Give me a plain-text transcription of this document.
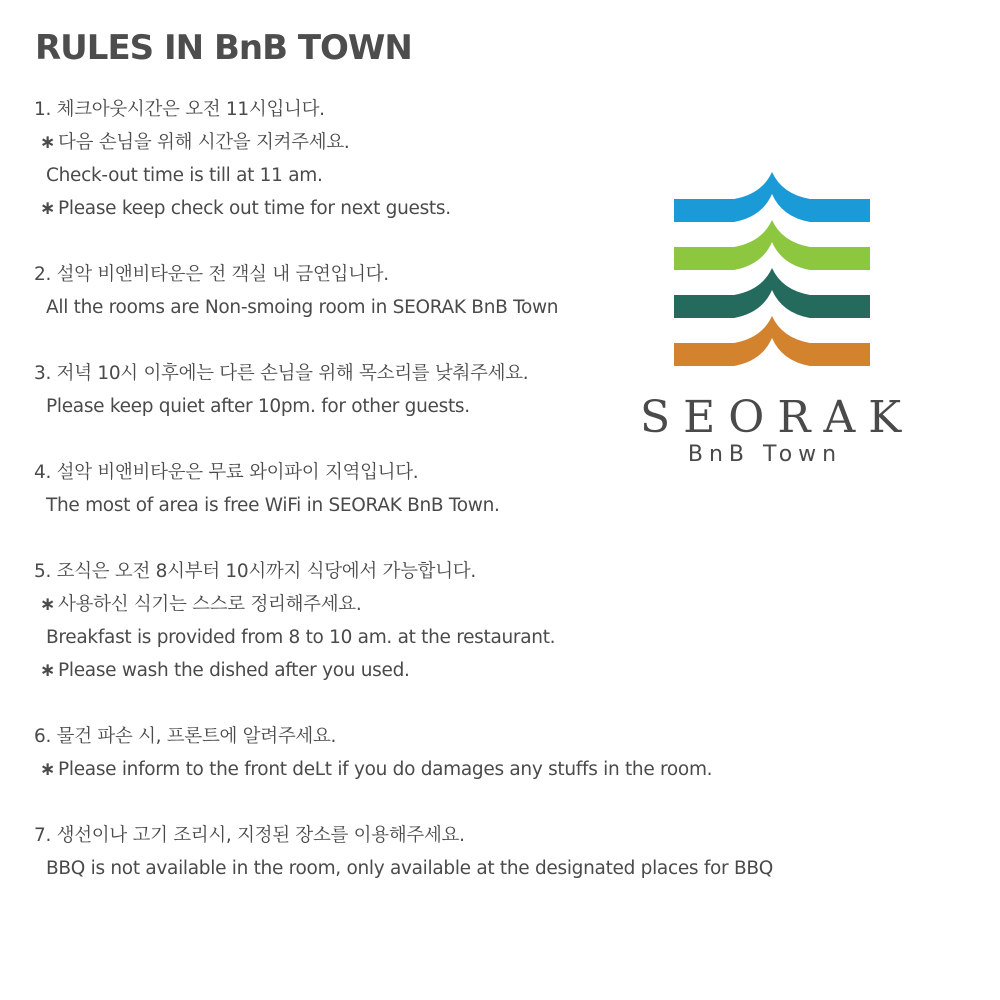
RULES IN BnB TOWN
1. 체크아웃시간은 오전 11시입니다.
∗ 다음 손님을 위해 시간을 지켜주세요.
Check-out time is till at 11 am.
∗ Please keep check out time for next guests.
2. 설악 비앤비타운은 전 객실 내 금연입니다.
All the rooms are Non-smoing room in SEORAK BnB Town
3. 저녁 10시 이후에는 다른 손님을 위해 목소리를 낮춰주세요.
Please keep quiet after 10pm. for other guests.
4. 설악 비앤비타운은 무료 와이파이 지역입니다.
The most of area is free WiFi in SEORAK BnB Town.
5. 조식은 오전 8시부터 10시까지 식당에서 가능합니다.
∗ 사용하신 식기는 스스로 정리해주세요.
Breakfast is provided from 8 to 10 am. at the restaurant.
∗ Please wash the dished after you used.
6. 물건 파손 시, 프론트에 알려주세요.
∗ Please inform to the front deLt if you do damages any stuffs in the room.
7. 생선이나 고기 조리시, 지정된 장소를 이용해주세요.
BBQ is not available in the room, only available at the designated places for BBQ
SEORAK
BnB Town
